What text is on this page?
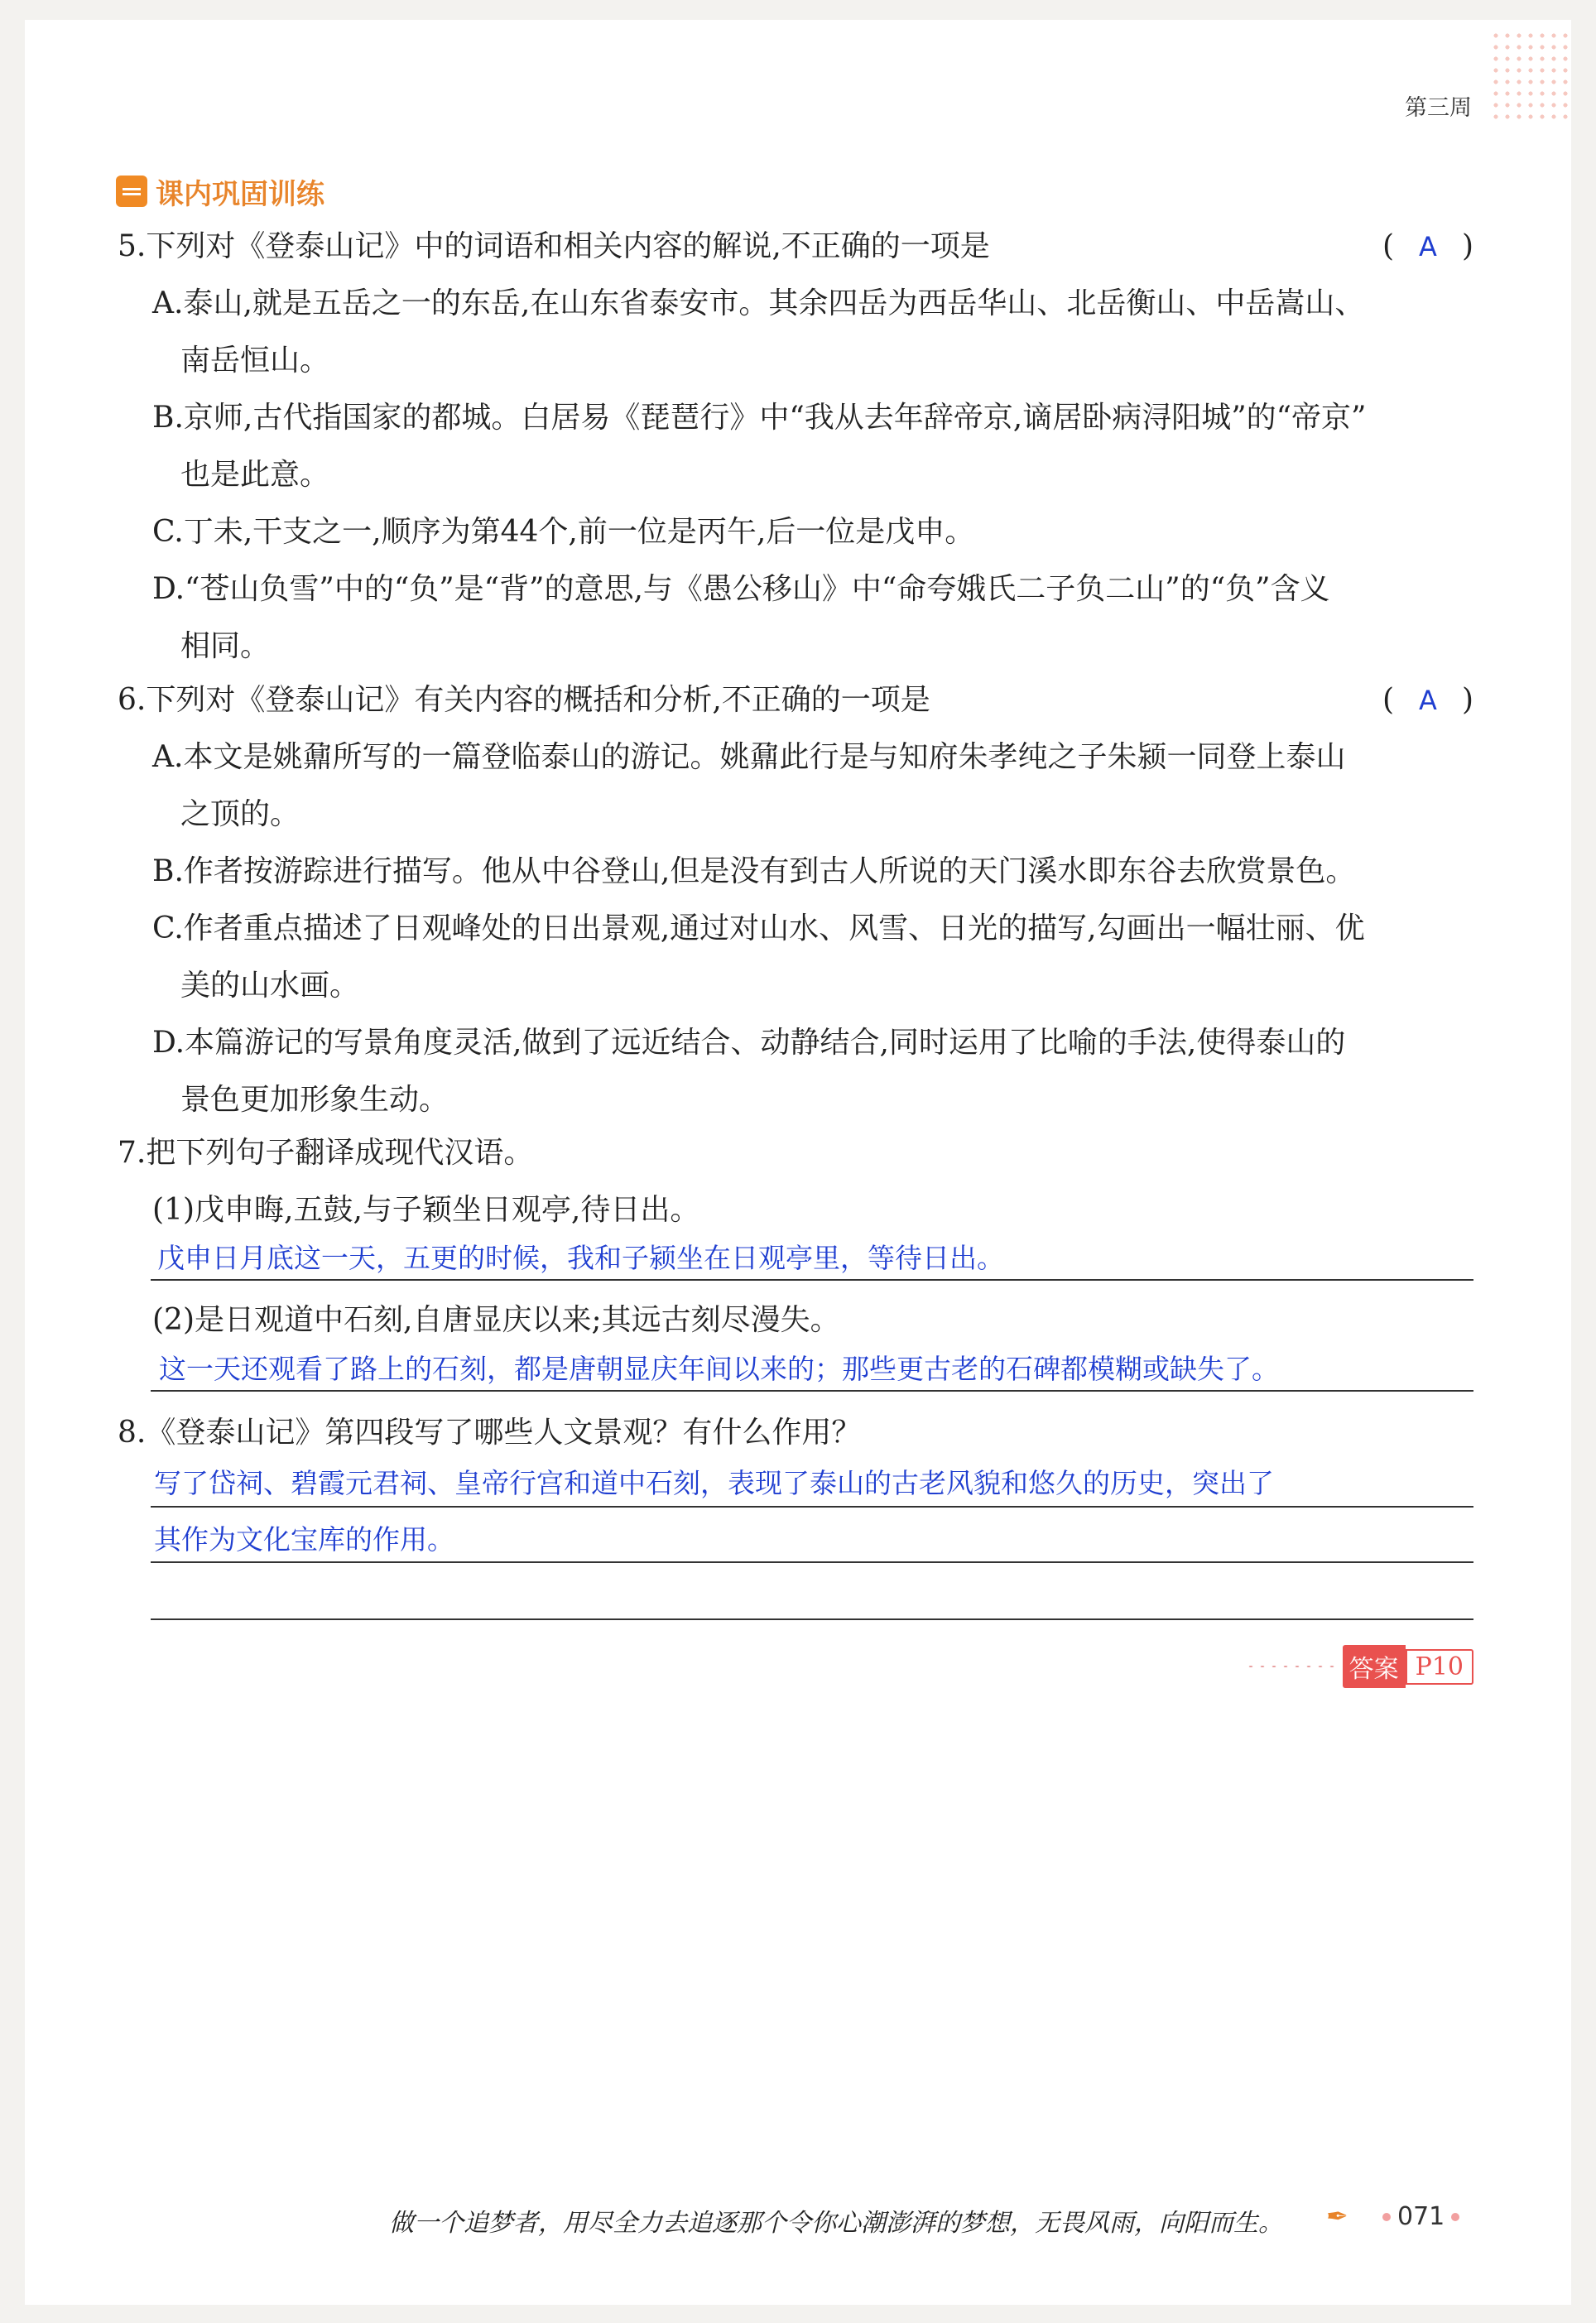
第三周
课内巩固训练
5.下列对《登泰山记》中的词语和相关内容的解说,不正确的一项是	( A )
A.泰山,就是五岳之一的东岳,在山东省泰安市。其余四岳为西岳华山、北岳衡山、中岳嵩山、
南岳恒山。
B.京师,古代指国家的都城。白居易《琵琶行》中“我从去年辞帝京,谪居卧病浔阳城”的“帝京”
也是此意。
C.丁未,干支之一,顺序为第44个,前一位是丙午,后一位是戊申。
D.“苍山负雪”中的“负”是“背”的意思,与《愚公移山》中“命夸娥氏二子负二山”的“负”含义
相同。
6.下列对《登泰山记》有关内容的概括和分析,不正确的一项是	( A )
A.本文是姚鼐所写的一篇登临泰山的游记。姚鼐此行是与知府朱孝纯之子朱颍一同登上泰山
之顶的。
B.作者按游踪进行描写。他从中谷登山,但是没有到古人所说的天门溪水即东谷去欣赏景色。
C.作者重点描述了日观峰处的日出景观,通过对山水、风雪、日光的描写,勾画出一幅壮丽、优
美的山水画。
D.本篇游记的写景角度灵活,做到了远近结合、动静结合,同时运用了比喻的手法,使得泰山的
景色更加形象生动。
7.把下列句子翻译成现代汉语。
(1)戊申晦,五鼓,与子颖坐日观亭,待日出。
戊申日月底这一天，五更的时候，我和子颍坐在日观亭里，等待日出。
(2)是日观道中石刻,自唐显庆以来;其远古刻尽漫失。
这一天还观看了路上的石刻，都是唐朝显庆年间以来的；那些更古老的石碑都模糊或缺失了。
8.《登泰山记》第四段写了哪些人文景观？有什么作用？
写了岱祠、碧霞元君祠、皇帝行宫和道中石刻，表现了泰山的古老风貌和悠久的历史，突出了
其作为文化宝库的作用。
答案 P10
做一个追梦者，用尽全力去追逐那个令你心潮澎湃的梦想，无畏风雨，向阳而生。 ✒ 071
